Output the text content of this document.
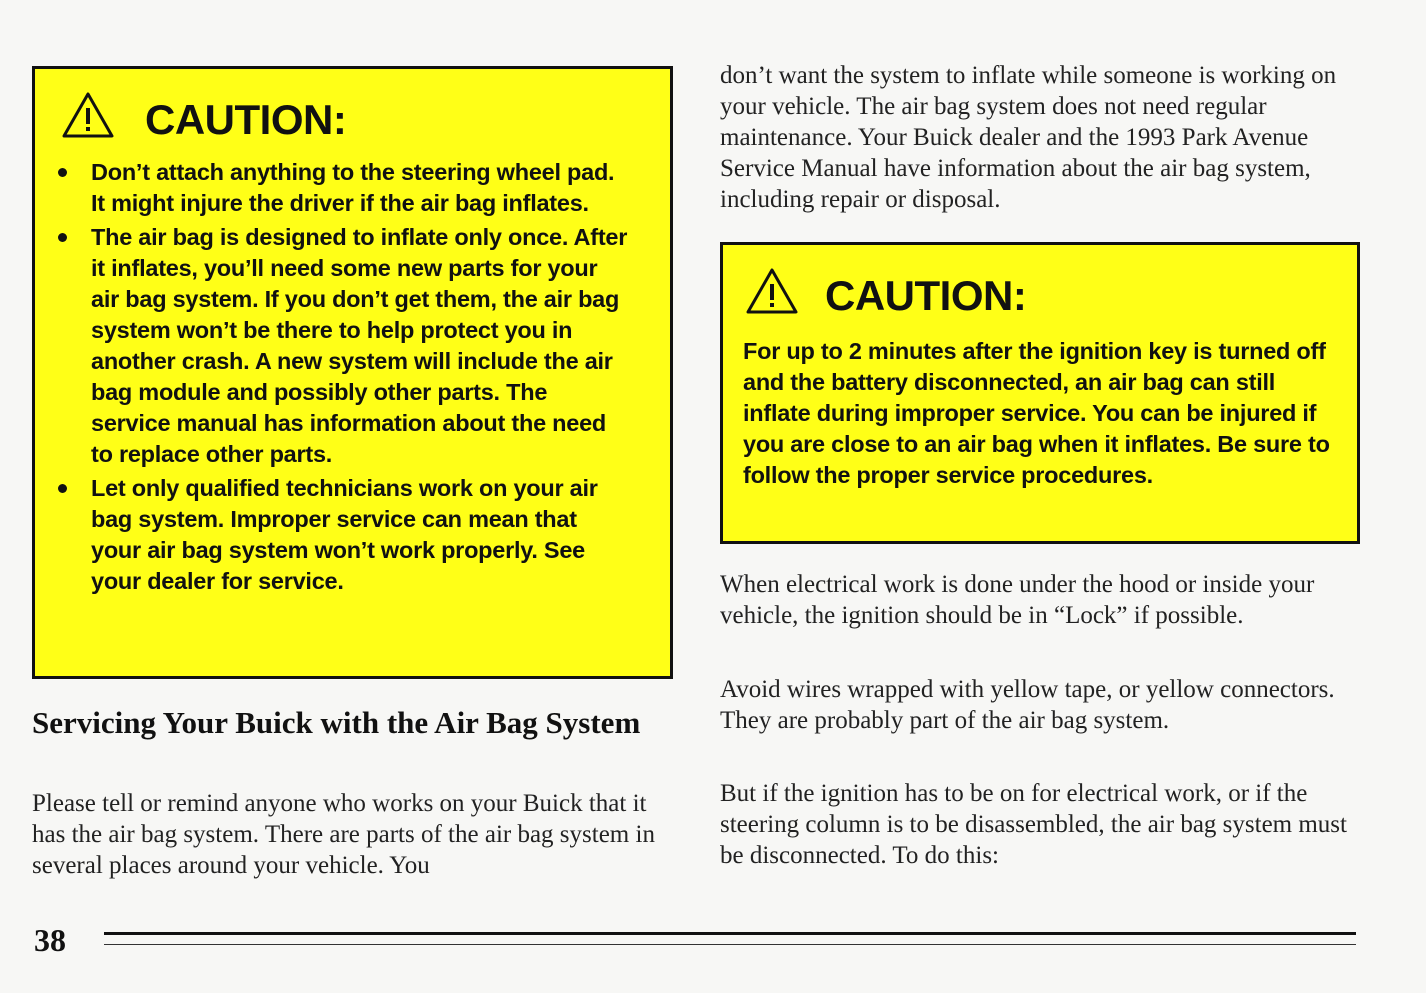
CAUTION:
Don’t attach anything to the steering wheel pad. It might injure the driver if the air bag inflates.
The air bag is designed to inflate only once. After it inflates, you’ll need some new parts for your air bag system. If you don’t get them, the air bag system won’t be there to help protect you in another crash. A new system will include the air bag module and possibly other parts. The service manual has information about the need to replace other parts.
Let only qualified technicians work on your air bag system. Improper service can mean that your air bag system won’t work properly. See your dealer for service.
Servicing Your Buick with the Air Bag System

Please tell or remind anyone who works on your Buick that it has the air bag system. There are parts of the air bag system in several places around your vehicle. You

don’t want the system to inflate while someone is working on your vehicle. The air bag system does not need regular maintenance. Your Buick dealer and the 1993 Park Avenue Service Manual have information about the air bag system, including repair or disposal.

CAUTION:

For up to 2 minutes after the ignition key is turned off and the battery disconnected, an air bag can still inflate during improper service. You can be injured if you are close to an air bag when it inflates. Be sure to follow the proper service procedures.

When electrical work is done under the hood or inside your vehicle, the ignition should be in “Lock” if possible.

Avoid wires wrapped with yellow tape, or yellow connectors. They are probably part of the air bag system.

But if the ignition has to be on for electrical work, or if the steering column is to be disassembled, the air bag system must be disconnected. To do this:

38
